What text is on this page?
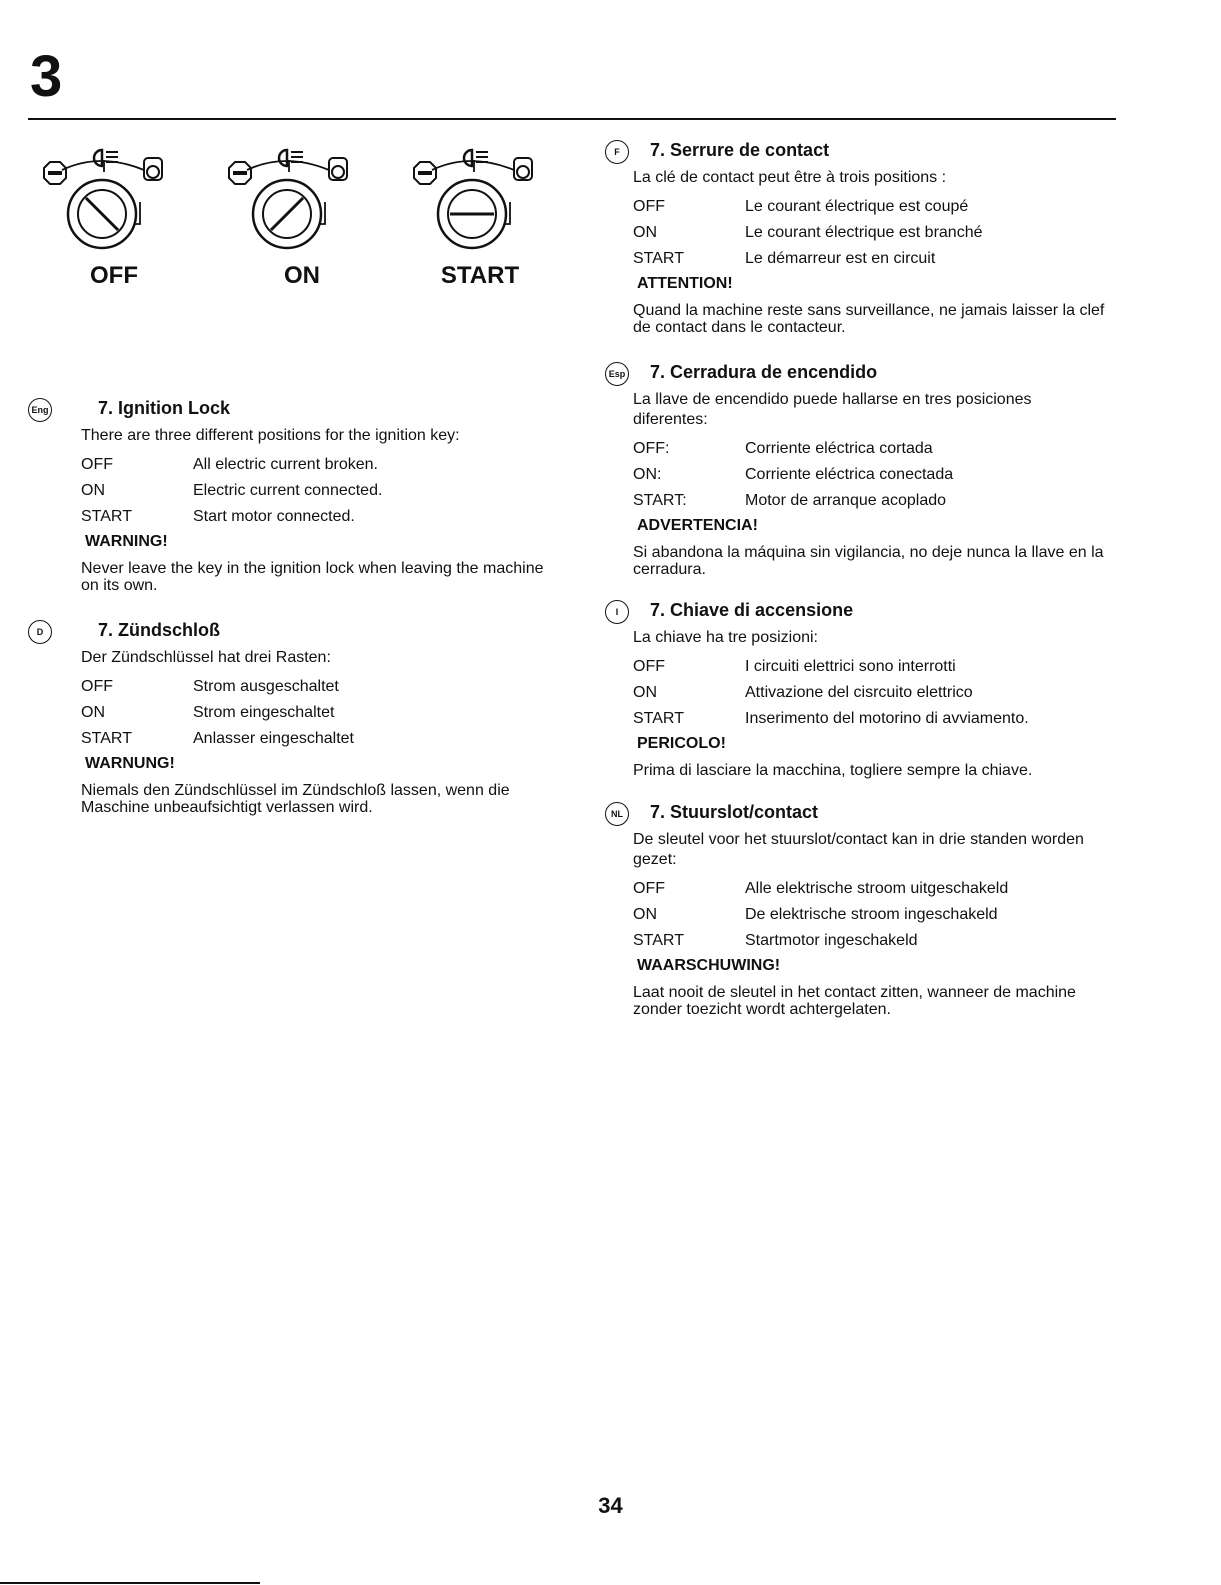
3
OFF	ON	START
Eng	7. Ignition Lock
There are three different positions for the ignition key:
OFF	All electric current broken.
ON	Electric current connected.
START	Start motor connected.
WARNING!
Never leave the key in the ignition lock when leaving the machine on its own.
D	7. Zündschloß
Der Zündschlüssel hat drei Rasten:
OFF	Strom ausgeschaltet
ON	Strom eingeschaltet
START	Anlasser eingeschaltet
WARNUNG!
Niemals den Zündschlüssel im Zündschloß lassen, wenn die Maschine unbeaufsichtigt verlassen wird.
F	7. Serrure de contact
La clé de contact peut être à trois positions :
OFF	Le courant électrique est coupé
ON	Le courant électrique est branché
START	Le démarreur est en circuit
ATTENTION!
Quand la machine reste sans surveillance, ne jamais laisser la clef de contact dans le contacteur.
Esp 7. Cerradura de encendido
La llave de encendido puede hallarse en tres posiciones diferentes:
OFF:	Corriente eléctrica cortada
ON:	Corriente eléctrica conectada
START:	Motor de arranque acoplado
ADVERTENCIA!
Si abandona la máquina sin vigilancia, no deje nunca la llave en la cerradura.
I	7. Chiave di accensione
La chiave ha tre posizioni:
OFF	I circuiti elettrici sono interrotti
ON	Attivazione del cisrcuito elettrico
START	Inserimento del motorino di avviamento.
PERICOLO!
Prima di lasciare la macchina, togliere sempre la chiave.
NL	7. Stuurslot/contact
De sleutel voor het stuurslot/contact kan in drie standen worden gezet:
OFF	Alle elektrische stroom uitgeschakeld
ON	De elektrische stroom ingeschakeld
START	Startmotor ingeschakeld
WAARSCHUWING!
Laat nooit de sleutel in het contact zitten, wanneer de machine zonder toezicht wordt achtergelaten.
34
